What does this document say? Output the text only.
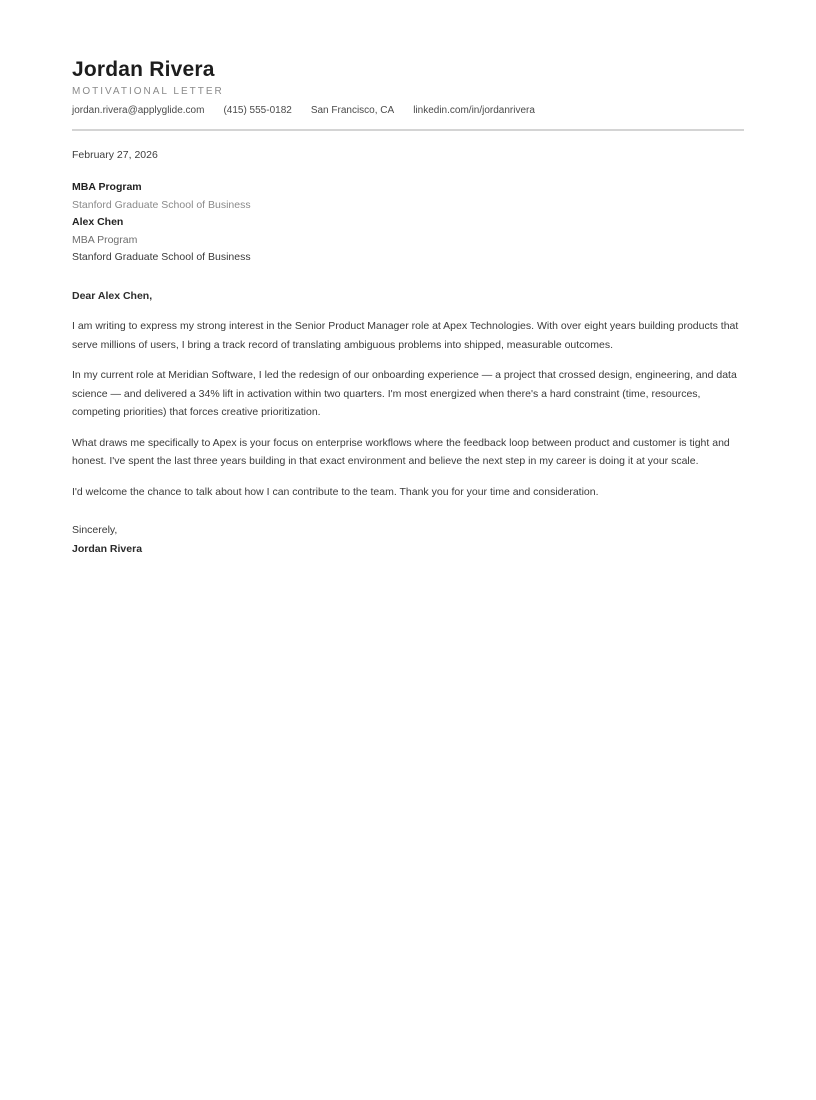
Jordan Rivera
MOTIVATIONAL LETTER
jordan.rivera@applyglide.com (415) 555-0182 San Francisco, CA linkedin.com/in/jordanrivera
February 27, 2026
MBA Program
Stanford Graduate School of Business
Alex Chen
MBA Program
Stanford Graduate School of Business
Dear Alex Chen,

I am writing to express my strong interest in the Senior Product Manager role at Apex Technologies. With over eight years building products that serve millions of users, I bring a track record of translating ambiguous problems into shipped, measurable outcomes.

In my current role at Meridian Software, I led the redesign of our onboarding experience — a project that crossed design, engineering, and data science — and delivered a 34% lift in activation within two quarters. I'm most energized when there's a hard constraint (time, resources, competing priorities) that forces creative prioritization.

What draws me specifically to Apex is your focus on enterprise workflows where the feedback loop between product and customer is tight and honest. I've spent the last three years building in that exact environment and believe the next step in my career is doing it at your scale.

I'd welcome the chance to talk about how I can contribute to the team. Thank you for your time and consideration.

Sincerely,
Jordan Rivera
